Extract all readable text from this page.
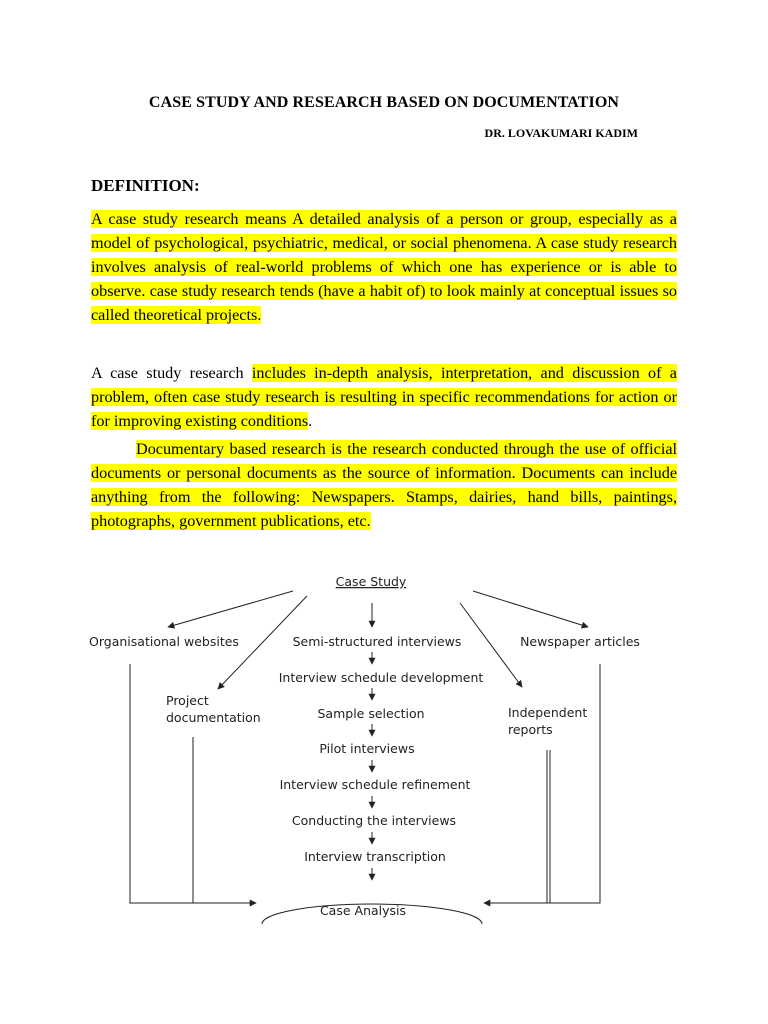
CASE STUDY AND RESEARCH BASED ON DOCUMENTATION
DR. LOVAKUMARI KADIM
DEFINITION:
A case study research means A detailed analysis of a person or group, especially as a model of psychological, psychiatric, medical, or social phenomena. A case study research involves analysis of real-world problems of which one has experience or is able to observe. case study research tends (have a habit of) to look mainly at conceptual issues so called theoretical projects.
A case study research includes in-depth analysis, interpretation, and discussion of a problem, often case study research is resulting in specific recommendations for action or for improving existing conditions.
Documentary based research is the research conducted through the use of official documents or personal documents as the source of information. Documents can include anything from the following: Newspapers. Stamps, dairies, hand bills, paintings, photographs, government publications, etc.
Case Study
Organisational websites	Semi-structured interviews	Newspaper articles
Project
documentation	Independent
reports
Interview schedule development
Sample selection
Pilot interviews
Interview schedule refinement
Conducting the interviews
Interview transcription
Case Analysis
